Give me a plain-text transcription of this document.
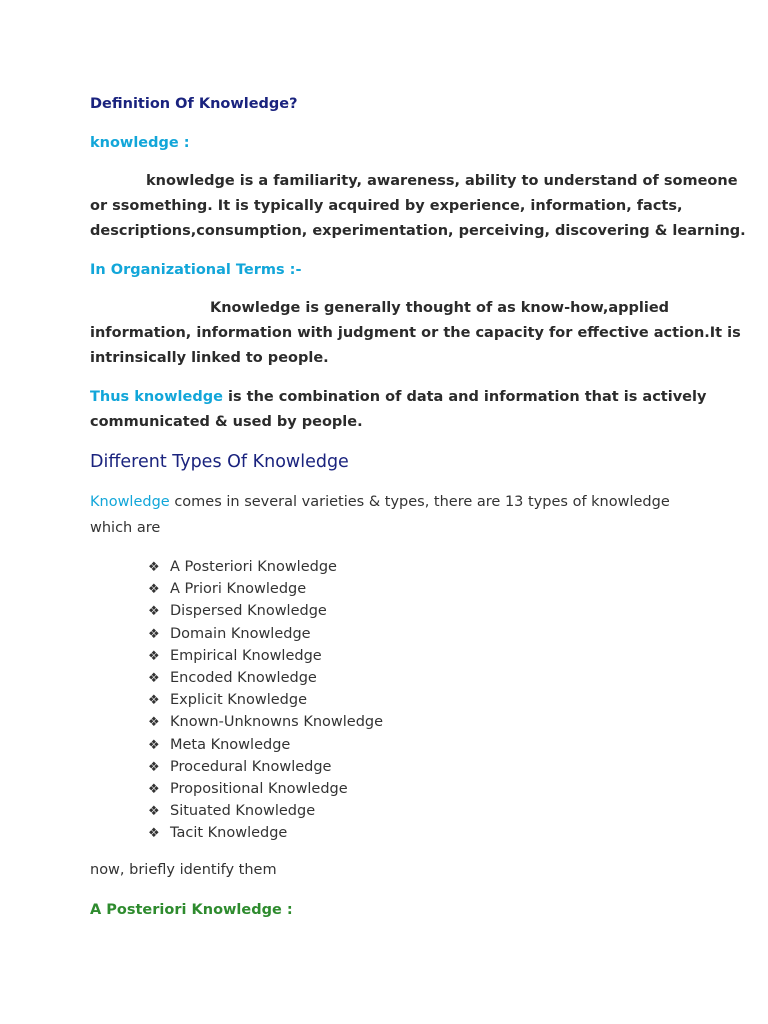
Definition Of Knowledge?

knowledge :

knowledge is a familiarity, awareness, ability to understand of someone

or ssomething. It is typically acquired by experience, information, facts,

descriptions,consumption, experimentation, perceiving, discovering & learning.

In Organizational Terms :-

Knowledge is generally thought of as know-how,applied

information, information with judgment or the capacity for effective action.It is

intrinsically linked to people.

Thus knowledge is the combination of data and information that is actively

communicated & used by people.

Different Types Of Knowledge

Knowledge comes in several varieties & types, there are 13 types of knowledge

which are

❖ A Posteriori Knowledge
❖ A Priori Knowledge
❖ Dispersed Knowledge
❖ Domain Knowledge
❖ Empirical Knowledge
❖ Encoded Knowledge
❖ Explicit Knowledge
❖ Known-Unknowns Knowledge
❖ Meta Knowledge
❖ Procedural Knowledge
❖ Propositional Knowledge
❖ Situated Knowledge
❖ Tacit Knowledge

now, briefly identify them

A Posteriori Knowledge :
